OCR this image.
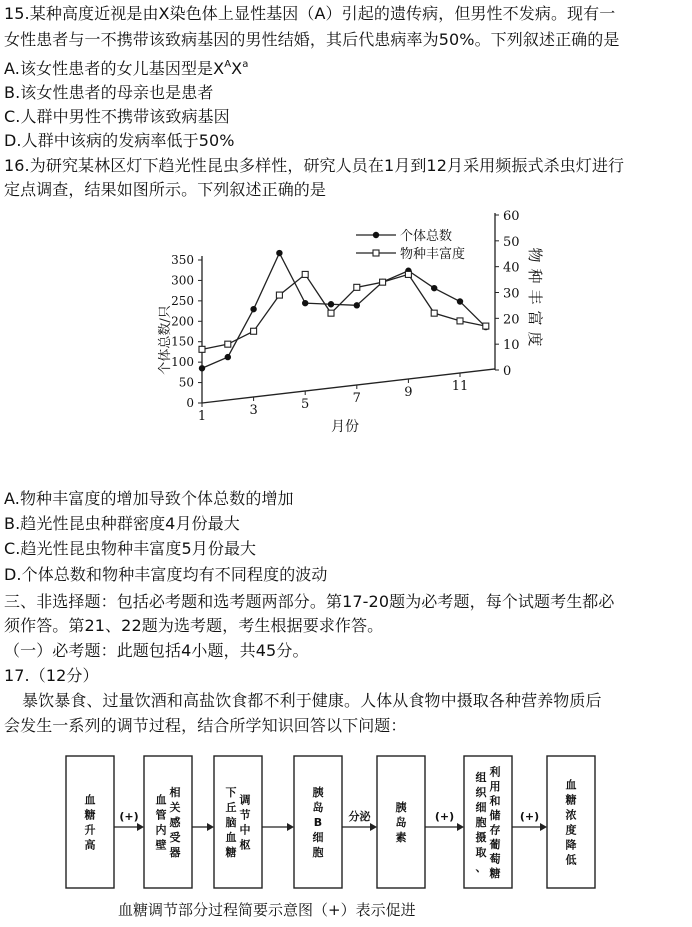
15.某种高度近视是由X染色体上显性基因（A）引起的遗传病，但男性不发病。现有一
女性患者与一不携带该致病基因的男性结婚，其后代患病率为50%。下列叙述正确的是
A.该女性患者的女儿基因型是$X^AX^a$
B.该女性患者的母亲也是患者
C.人群中男性不携带该致病基因
D.人群中该病的发病率低于50%
16.为研究某林区灯下趋光性昆虫多样性，研究人员在1月到12月采用频振式杀虫灯进行
定点调查，结果如图所示。下列叙述正确的是
0
50
100
150
200
250
300
350
0
10
20
30
40
50
60
1	3	5	7	9	11
月份
个体总数/只	物种丰富度
个体总数
物种丰富度
A.物种丰富度的增加导致个体总数的增加
B.趋光性昆虫种群密度4月份最大
C.趋光性昆虫物种丰富度5月份最大
D.个体总数和物种丰富度均有不同程度的波动
三、非选择题：包括必考题和选考题两部分。第17-20题为必考题，每个试题考生都必
须作答。第21、22题为选考题，考生根据要求作答。
（一）必考题：此题包括4小题，共45分。
17.（12分）
暴饮暴食、过量饮酒和高盐饮食都不利于健康。人体从食物中摄取各种营养物质后
会发生一系列的调节过程，结合所学知识回答以下问题：
血
糖
升
高
相
关
感
受
器
血
管
内
壁
调
节
中
枢
下
丘
脑
血
糖
胰
岛
B
细
胞
胰
岛
素
利
用
和
储
存
葡
萄
糖
组
织
细
胞
摄
取
、
血
糖
浓
度
降
低
(+)	分泌	(+)	(+)
血糖调节部分过程简要示意图（+）表示促进
